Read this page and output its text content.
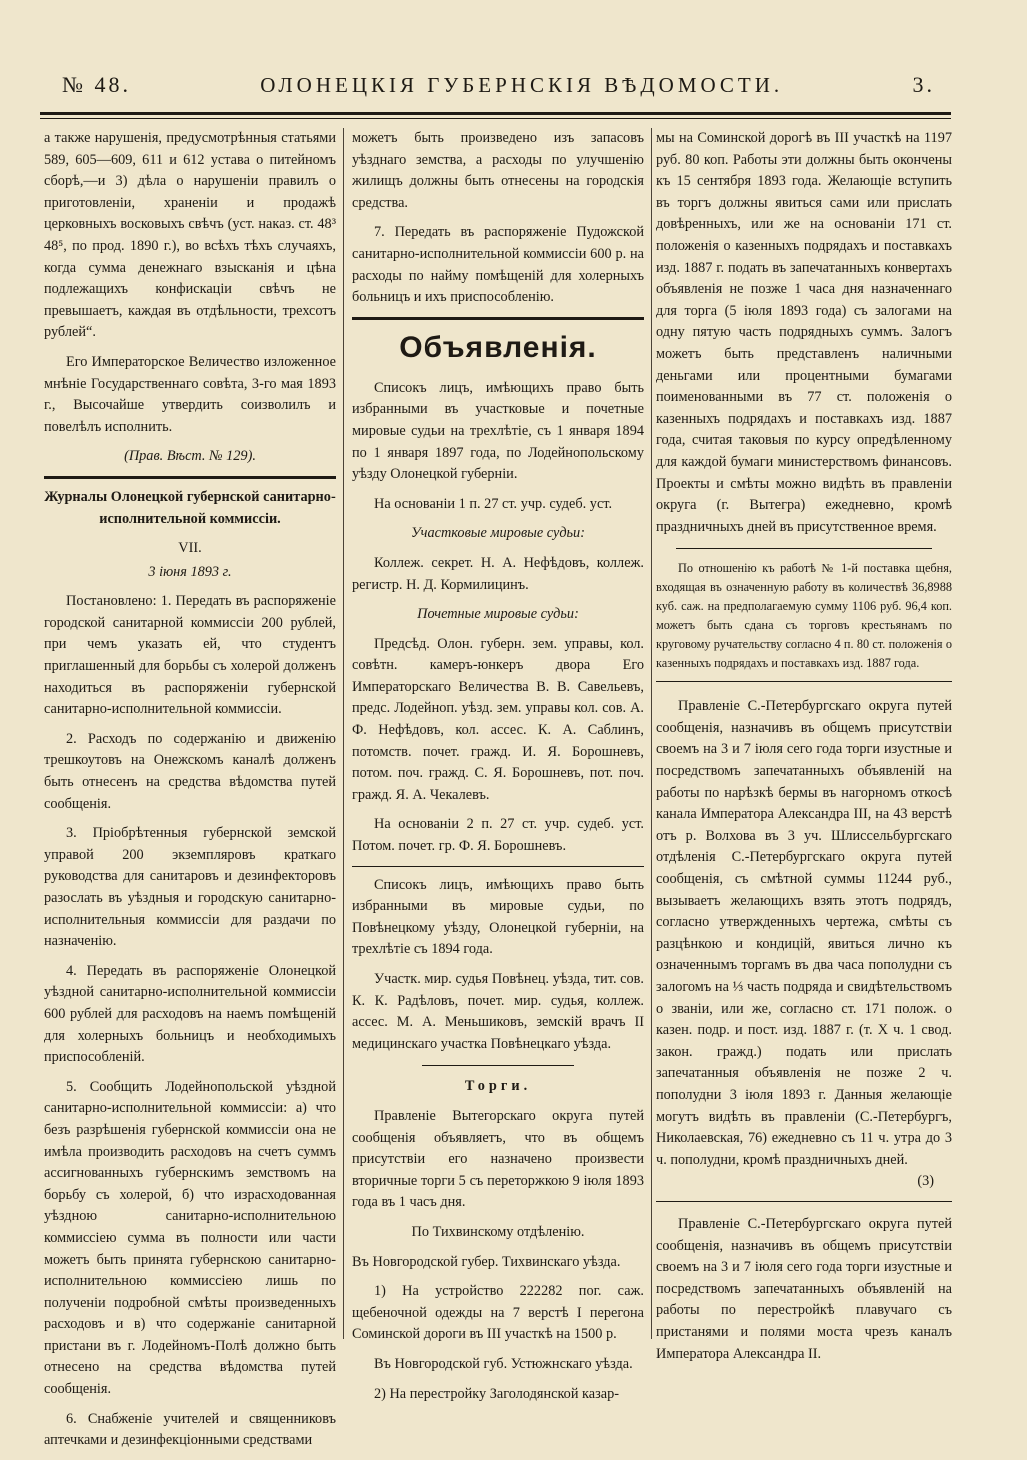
№ 48.	ОЛОНЕЦКІЯ ГУБЕРНСКІЯ ВѢДОМОСТИ.	3.

а также нарушенія, предусмотрѣнныя статьями 589, 605—609, 611 и 612 устава о питейномъ сборѣ,—и 3) дѣла о нарушеніи правилъ о приготовленіи, храненіи и продажѣ церковныхъ восковыхъ свѣчъ (уст. наказ. ст. 48³ 48⁵, по прод. 1890 г.), во всѣхъ тѣхъ случаяхъ, когда сумма денежнаго взысканія и цѣна подлежащихъ конфискаціи свѣчъ не превышаетъ, каждая въ отдѣльности, трехсотъ рублей“.

Его Императорское Величество изложенное мнѣніе Государственнаго совѣта, 3-го мая 1893 г., Высочайше утвердить соизволилъ и повелѣлъ исполнить.

(Прав. Вѣст. № 129).

Журналы Олонецкой губернской санитарно-исполнительной коммиссіи.

VII.

3 іюня 1893 г.

Постановлено: 1. Передать въ распоряженіе городской санитарной коммиссіи 200 рублей, при чемъ указать ей, что студентъ приглашенный для борьбы съ холерой долженъ находиться въ распоряженіи губернской санитарно-исполнительной коммиссіи.

2. Расходъ по содержанію и движенію трешкоутовъ на Онежскомъ каналѣ долженъ быть отнесенъ на средства вѣдомства путей сообщенія.

3. Пріобрѣтенныя губернской земской управой 200 экземпляровъ краткаго руководства для санитаровъ и дезинфекторовъ разослать въ уѣздныя и городскую санитарно-исполнительныя коммиссіи для раздачи по назначенію.

4. Передать въ распоряженіе Олонецкой уѣздной санитарно-исполнительной коммиссіи 600 рублей для расходовъ на наемъ помѣщеній для холерныхъ больницъ и необходимыхъ приспособленій.

5. Сообщить Лодейнопольской уѣздной санитарно-исполнительной коммиссіи: а) что безъ разрѣшенія губернской коммиссіи она не имѣла производить расходовъ на счетъ суммъ ассигнованныхъ губернскимъ земствомъ на борьбу съ холерой, б) что израсходованная уѣздною санитарно-исполнительною коммиссіею сумма въ полности или части можетъ быть принята губернскою санитарно-исполнительною коммиссіею лишь по полученіи подробной смѣты произведенныхъ расходовъ и в) что содержаніе санитарной пристани въ г. Лодейномъ-Полѣ должно быть отнесено на средства вѣдомства путей сообщенія.

6. Снабженіе учителей и священниковъ аптечками и дезинфекціонными средствами

можетъ быть произведено изъ запасовъ уѣзднаго земства, а расходы по улучшенію жилищъ должны быть отнесены на городскія средства.

7. Передать въ распоряженіе Пудожской санитарно-исполнительной коммиссіи 600 р. на расходы по найму помѣщеній для холерныхъ больницъ и ихъ приспособленію.

Объявленія.

Списокъ лицъ, имѣющихъ право быть избранными въ участковые и почетные мировые судьи на трехлѣтіе, съ 1 января 1894 по 1 января 1897 года, по Лодейнопольскому уѣзду Олонецкой губерніи.

На основаніи 1 п. 27 ст. учр. судеб. уст.

Участковые мировые судьи:

Коллеж. секрет. Н. А. Нефѣдовъ, коллеж. регистр. Н. Д. Кормилицинъ.

Почетные мировые судьи:

Предсѣд. Олон. губерн. зем. управы, кол. совѣтн. камеръ-юнкеръ двора Его Императорскаго Величества В. В. Савельевъ, предс. Лодейноп. уѣзд. зем. управы кол. сов. А. Ф. Нефѣдовъ, кол. ассес. К. А. Саблинъ, потомств. почет. гражд. И. Я. Борошневъ, потом. поч. гражд. С. Я. Борошневъ, пот. поч. гражд. Я. А. Чекалевъ.

На основаніи 2 п. 27 ст. учр. судеб. уст. Потом. почет. гр. Ф. Я. Борошневъ.

Списокъ лицъ, имѣющихъ право быть избранными въ мировые судьи, по Повѣнецкому уѣзду, Олонецкой губерніи, на трехлѣтіе съ 1894 года.

Участк. мир. судья Повѣнец. уѣзда, тит. сов. К. К. Радѣловъ, почет. мир. судья, коллеж. ассес. М. А. Меньшиковъ, земскій врачъ II медицинскаго участка Повѣнецкаго уѣзда.

Торги.

Правленіе Вытегорскаго округа путей сообщенія объявляетъ, что въ общемъ присутствіи его назначено произвести вторичные торги 5 съ переторжкою 9 іюля 1893 года въ 1 часъ дня.

По Тихвинскому отдѣленію.

Въ Новгородской губер. Тихвинскаго уѣзда.

1) На устройство 222282 пог. саж. щебеночной одежды на 7 верстѣ I перегона Соминской дороги въ III участкѣ на 1500 р.

Въ Новгородской губ. Устюжнскаго уѣзда.

2) На перестройку Заголодянской казар-

мы на Соминской дорогѣ въ III участкѣ на 1197 руб. 80 коп. Работы эти должны быть окончены къ 15 сентября 1893 года. Желающіе вступить въ торгъ должны явиться сами или прислать довѣренныхъ, или же на основаніи 171 ст. положенія о казенныхъ подрядахъ и поставкахъ изд. 1887 г. подать въ запечатанныхъ конвертахъ объявленія не позже 1 часа дня назначеннаго для торга (5 іюля 1893 года) съ залогами на одну пятую часть подрядныхъ суммъ. Залогъ можетъ быть представленъ наличными деньгами или процентными бумагами поименованными въ 77 ст. положенія о казенныхъ подрядахъ и поставкахъ изд. 1887 года, считая таковыя по курсу опредѣленному для каждой бумаги министерствомъ финансовъ. Проекты и смѣты можно видѣть въ правленіи округа (г. Вытегра) ежедневно, кромѣ праздничныхъ дней въ присутственное время.

По отношенію къ работѣ № 1-й поставка щебня, входящая въ означенную работу въ количествѣ 36,8988 куб. саж. на предполагаемую сумму 1106 руб. 96,4 коп. можетъ быть сдана съ торговъ крестьянамъ по круговому ручательству согласно 4 п. 80 ст. положенія о казенныхъ подрядахъ и поставкахъ изд. 1887 года.

Правленіе С.-Петербургскаго округа путей сообщенія, назначивъ въ общемъ присутствіи своемъ на 3 и 7 іюля сего года торги изустные и посредствомъ запечатанныхъ объявленій на работы по нарѣзкѣ бермы въ нагорномъ откосѣ канала Императора Александра III, на 43 верстѣ отъ р. Волхова въ 3 уч. Шлиссельбургскаго отдѣленія С.-Петербургскаго округа путей сообщенія, съ смѣтной суммы 11244 руб., вызываетъ желающихъ взять этотъ подрядъ, согласно утвержденныхъ чертежа, смѣты съ разцѣнкою и кондицій, явиться лично къ означеннымъ торгамъ въ два часа пополудни съ залогомъ на ⅓ часть подряда и свидѣтельствомъ о званіи, или же, согласно ст. 171 полож. о казен. подр. и пост. изд. 1887 г. (т. X ч. 1 свод. закон. гражд.) подать или прислать запечатанныя объявленія не позже 2 ч. пополудни 3 іюля 1893 г. Данныя желающіе могутъ видѣть въ правленіи (С.-Петербургъ, Николаевская, 76) ежедневно съ 11 ч. утра до 3 ч. пополудни, кромѣ праздничныхъ дней.

(3)

Правленіе С.-Петербургскаго округа путей сообщенія, назначивъ въ общемъ присутствіи своемъ на 3 и 7 іюля сего года торги изустные и посредствомъ запечатанныхъ объявленій на работы по перестройкѣ плавучаго съ пристанями и полями моста чрезъ каналъ Императора Александра II.
